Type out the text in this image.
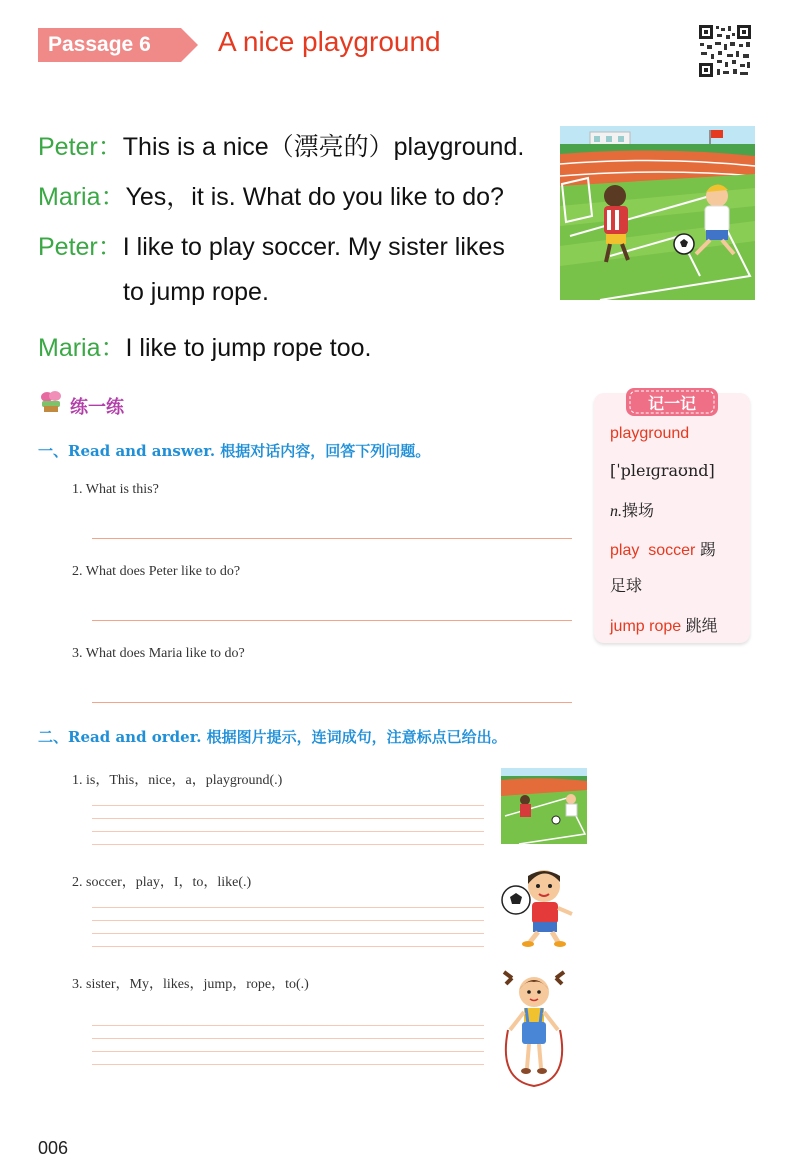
Passage 6 A nice playground
Peter：This is a nice（漂亮的）playground.
Maria：Yes，it is. What do you like to do?
Peter：I like to play soccer. My sister likes
to jump rope.
Maria：I like to jump rope too.
练一练
一、Read and answer. 根据对话内容，回答下列问题。
1. What is this?
2. What does Peter like to do?
3. What does Maria like to do?
记一记
playground
[ˈpleɪɡraʊnd]
n.操场
play  soccer 踢
足球
jump rope 跳绳
二、Read and order. 根据图片提示，连词成句，注意标点已给出。
1. is，This，nice，a，playground(.)
2. soccer，play，I，to，like(.)
3. sister，My，likes，jump，rope，to(.)
006
